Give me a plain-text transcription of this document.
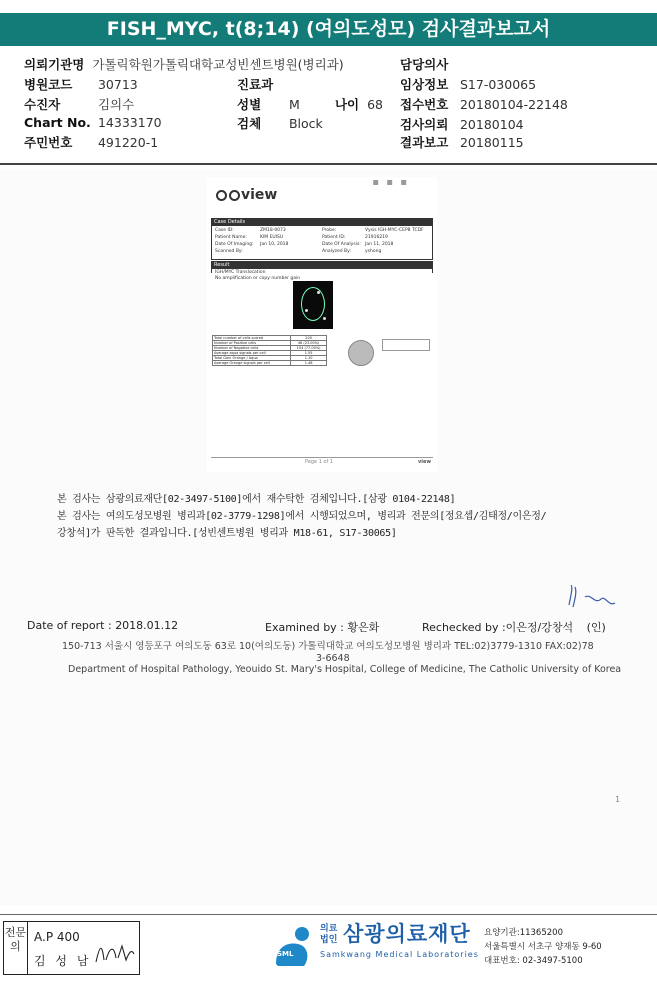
FISH_MYC, t(8;14) (여의도성모) 검사결과보고서
의뢰기관명 가톨릭학원가톨릭대학교성빈센트병원(병리과)
병원코드 30713
수진자	김의수
Chart No. 14333170
주민번호 491220-1
진료과
성별 M	나이 68
검체 Block
담당의사
임상정보 S17-030065
접수번호 20180104-22148
검사의뢰 20180104
결과보고 20180115
view
▪ ▪ ▪
Case Details
Case ID:	ZM18-0073
Patient Name:	KIM EUISU
Date Of Imaging: Jan 10, 2018
Scanned By:
Probe:	Vysis IGH-MYC-CEP8 TCDF
Patient ID:	21916219
Date Of Analysis: Jan 11, 2018
Analyzed By:	yshong
Result
IGH/MYC Translocation
No amplification or copy number gain
Total number of cells scored	200
Number of Positive cells	46 (23.00%)
Number of Negative cells	154 (77.00%)
Average aqua signals per cell	1.55
Total Gain Orange / Aqua	1.10
Average Orange signals per cell	1.48
Page 1 of 1	view
본 검사는 삼광의료재단[02-3497-5100]에서 재수탁한 검체입니다.[삼광 0104-22148]
본 검사는 여의도성모병원 병리과[02-3779-1298]에서 시행되었으며, 병리과 전문의[정요셉/김태정/이은정/
강창석]가 판독한 결과입니다.[성빈센트병원 병리과 M18-61, S17-30065]
Date of report : 2018.01.12	Examined by : 황은화	Rechecked by :이은정/강창석 (인)
150-713 서울시 영등포구 여의도동 63로 10(여의도동) 가톨릭대학교 여의도성모병원 병리과 TEL:02)3779-1310 FAX:02)78
3-6648
Department of Hospital Pathology, Yeouido St. Mary's Hospital, College of Medicine, The Catholic University of Korea
1
전문의
A.P 400
김 성 남	SML
의료 법인 삼광의료재단
Samkwang Medical Laboratories
요양기관:11365200
서울특별시 서초구 양재동 9-60
대표번호: 02-3497-5100
